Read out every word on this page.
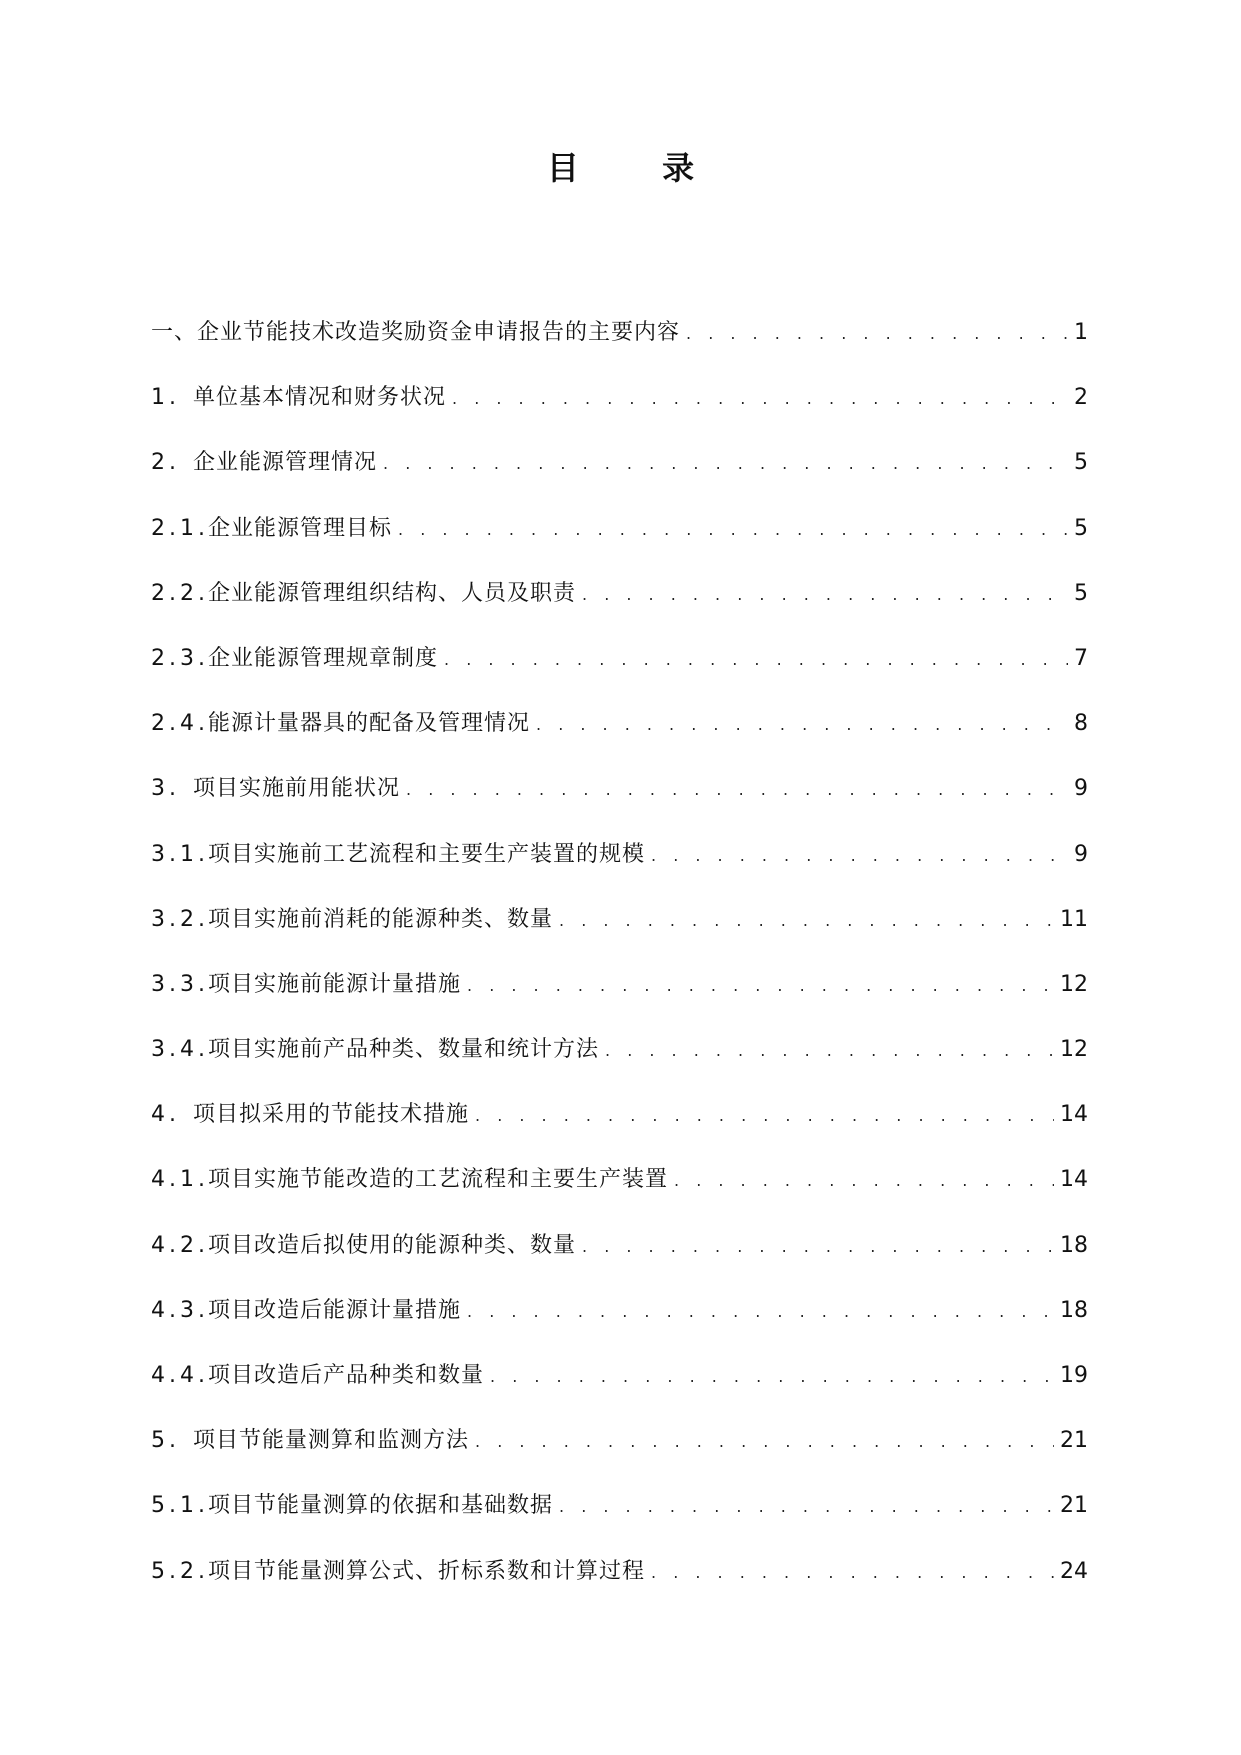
目 录
一、企业节能技术改造奖励资金申请报告的主要内容 . . .	1
1. 单位基本情况和财务状况 . . .	2
2. 企业能源管理情况 . . .	5
2.1. 企业能源管理目标 . . .	5
2.2. 企业能源管理组织结构、人员及职责 . . .	5
2.3. 企业能源管理规章制度 . . .	7
2.4. 能源计量器具的配备及管理情况 . . .	8
3. 项目实施前用能状况 . . .	9
3.1. 项目实施前工艺流程和主要生产装置的规模 . . .	9
3.2. 项目实施前消耗的能源种类、数量 . . .	11
3.3. 项目实施前能源计量措施 . . .	12
3.4. 项目实施前产品种类、数量和统计方法 . . .	12
4. 项目拟采用的节能技术措施 . . .	14
4.1. 项目实施节能改造的工艺流程和主要生产装置 . . .	14
4.2. 项目改造后拟使用的能源种类、数量 . . .	18
4.3. 项目改造后能源计量措施 . . .	18
4.4. 项目改造后产品种类和数量 . . .	19
5. 项目节能量测算和监测方法 . . .	21
5.1. 项目节能量测算的依据和基础数据 . . .	21
5.2. 项目节能量测算公式、折标系数和计算过程 . . .	24
